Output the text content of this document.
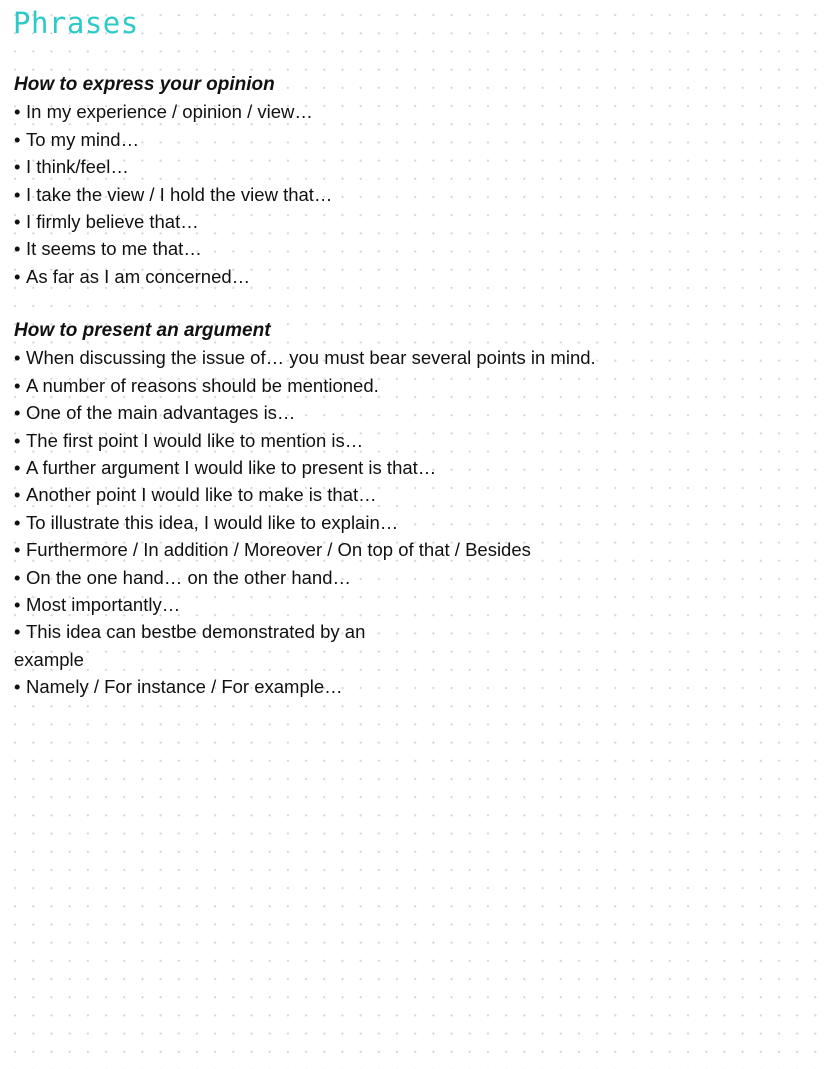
Phrases
How to express your opinion
• In my experience / opinion / view…
• To my mind…
• I think/feel…
• I take the view / I hold the view that…
• I firmly believe that…
• It seems to me that…
• As far as I am concerned…
How to present an argument
• When discussing the issue of… you must bear several points in mind.
• A number of reasons should be mentioned.
• One of the main advantages is…
• The first point I would like to mention is…
• A further argument I would like to present is that…
• Another point I would like to make is that…
• To illustrate this idea, I would like to explain…
• Furthermore / In addition / Moreover / On top of that / Besides
• On the one hand… on the other hand…
• Most importantly…
• This idea can bestbe demonstrated by an example
• Namely / For instance / For example…
